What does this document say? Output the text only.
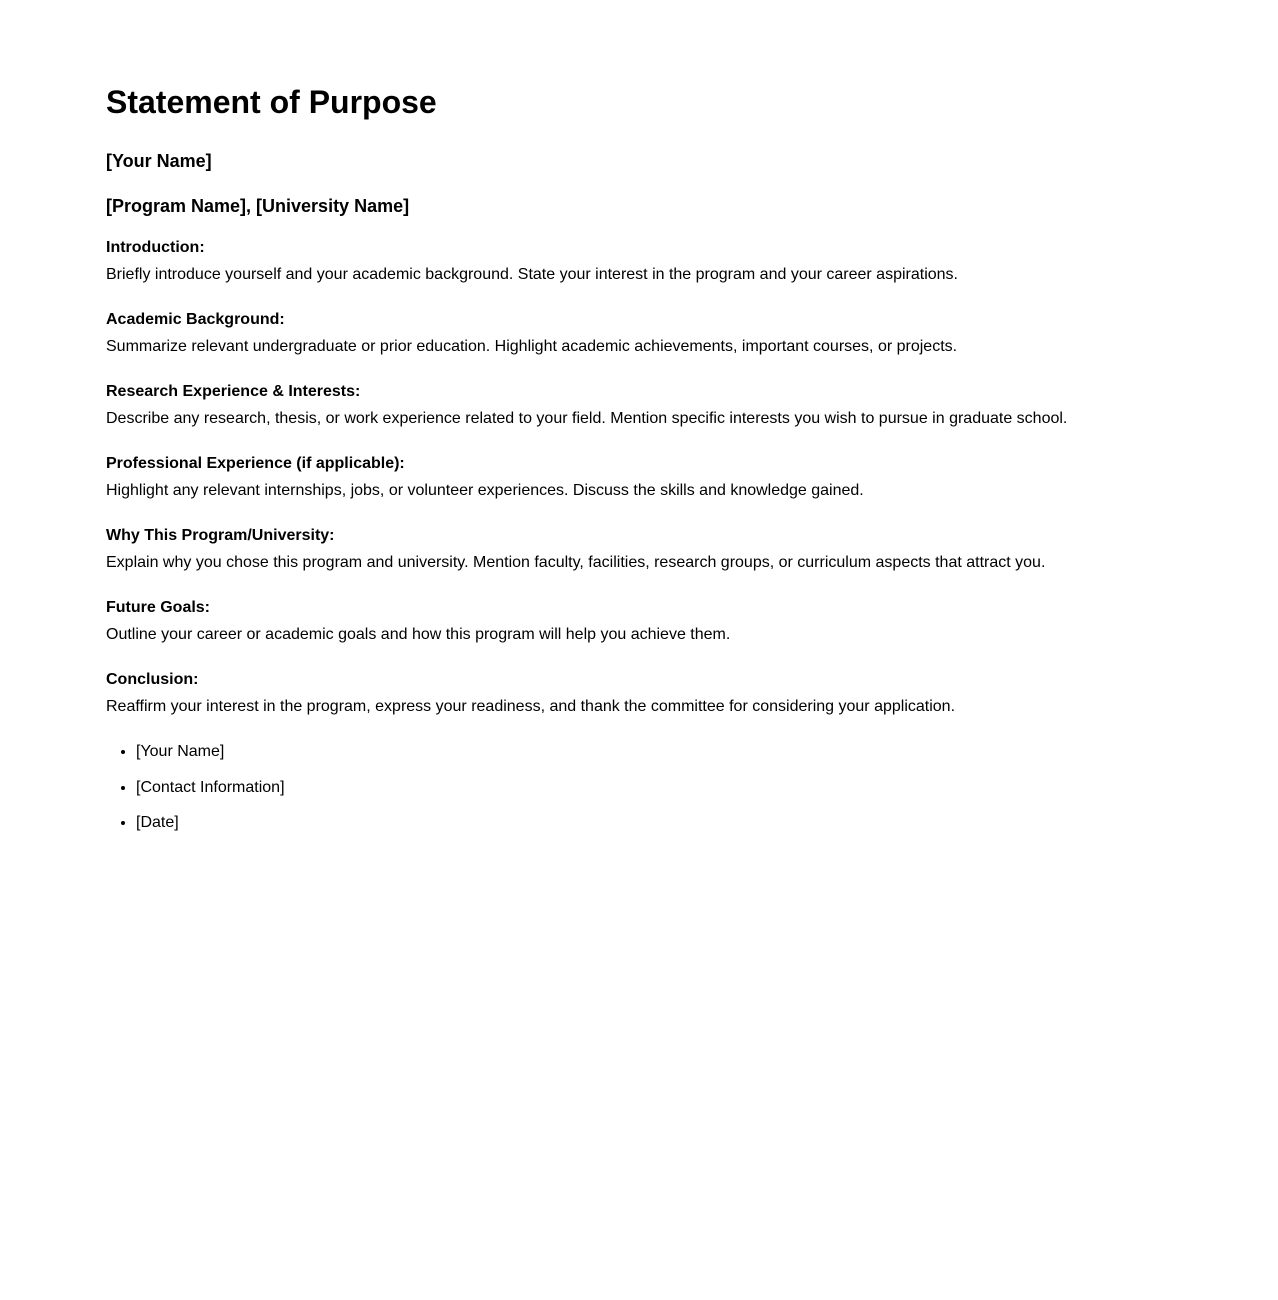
Statement of Purpose
[Your Name]
[Program Name], [University Name]

Introduction:

Briefly introduce yourself and your academic background. State your interest in the program and your career aspirations.

Academic Background:

Summarize relevant undergraduate or prior education. Highlight academic achievements, important courses, or projects.

Research Experience & Interests:

Describe any research, thesis, or work experience related to your field. Mention specific interests you wish to pursue in graduate school.

Professional Experience (if applicable):

Highlight any relevant internships, jobs, or volunteer experiences. Discuss the skills and knowledge gained.

Why This Program/University:

Explain why you chose this program and university. Mention faculty, facilities, research groups, or curriculum aspects that attract you.

Future Goals:

Outline your career or academic goals and how this program will help you achieve them.

Conclusion:

Reaffirm your interest in the program, express your readiness, and thank the committee for considering your application.

• [Your Name]
• [Contact Information]
• [Date]
